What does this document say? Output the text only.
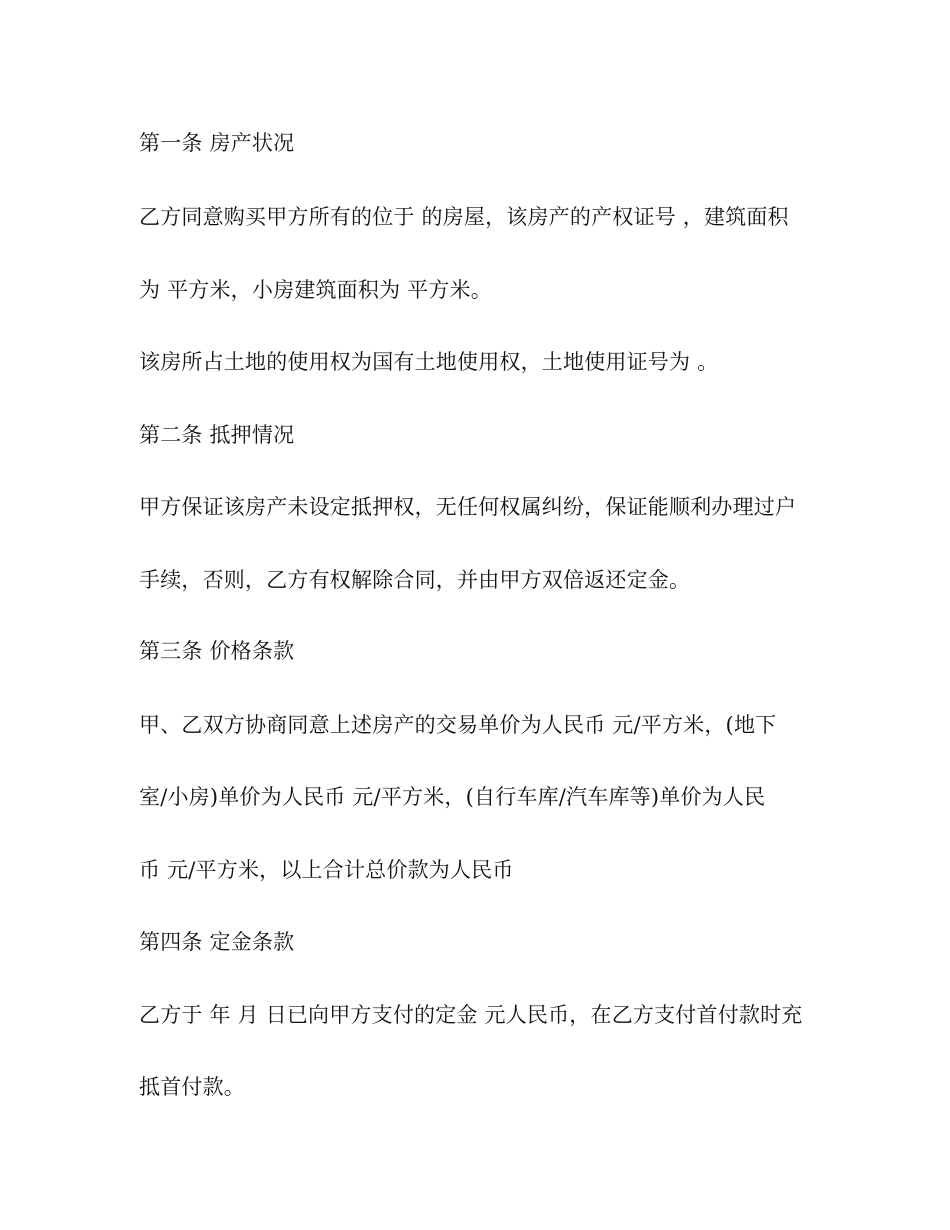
第一条 房产状况
乙方同意购买甲方所有的位于 的房屋，该房产的产权证号 ，建筑面积
为 平方米，小房建筑面积为 平方米。
该房所占土地的使用权为国有土地使用权，土地使用证号为 。
第二条 抵押情况
甲方保证该房产未设定抵押权，无任何权属纠纷，保证能顺利办理过户
手续，否则，乙方有权解除合同，并由甲方双倍返还定金。
第三条 价格条款
甲、乙双方协商同意上述房产的交易单价为人民币 元/平方米，(地下
室/小房)单价为人民币 元/平方米，(自行车库/汽车库等)单价为人民
币 元/平方米，以上合计总价款为人民币
第四条 定金条款
乙方于 年 月 日已向甲方支付的定金 元人民币，在乙方支付首付款时充
抵首付款。
